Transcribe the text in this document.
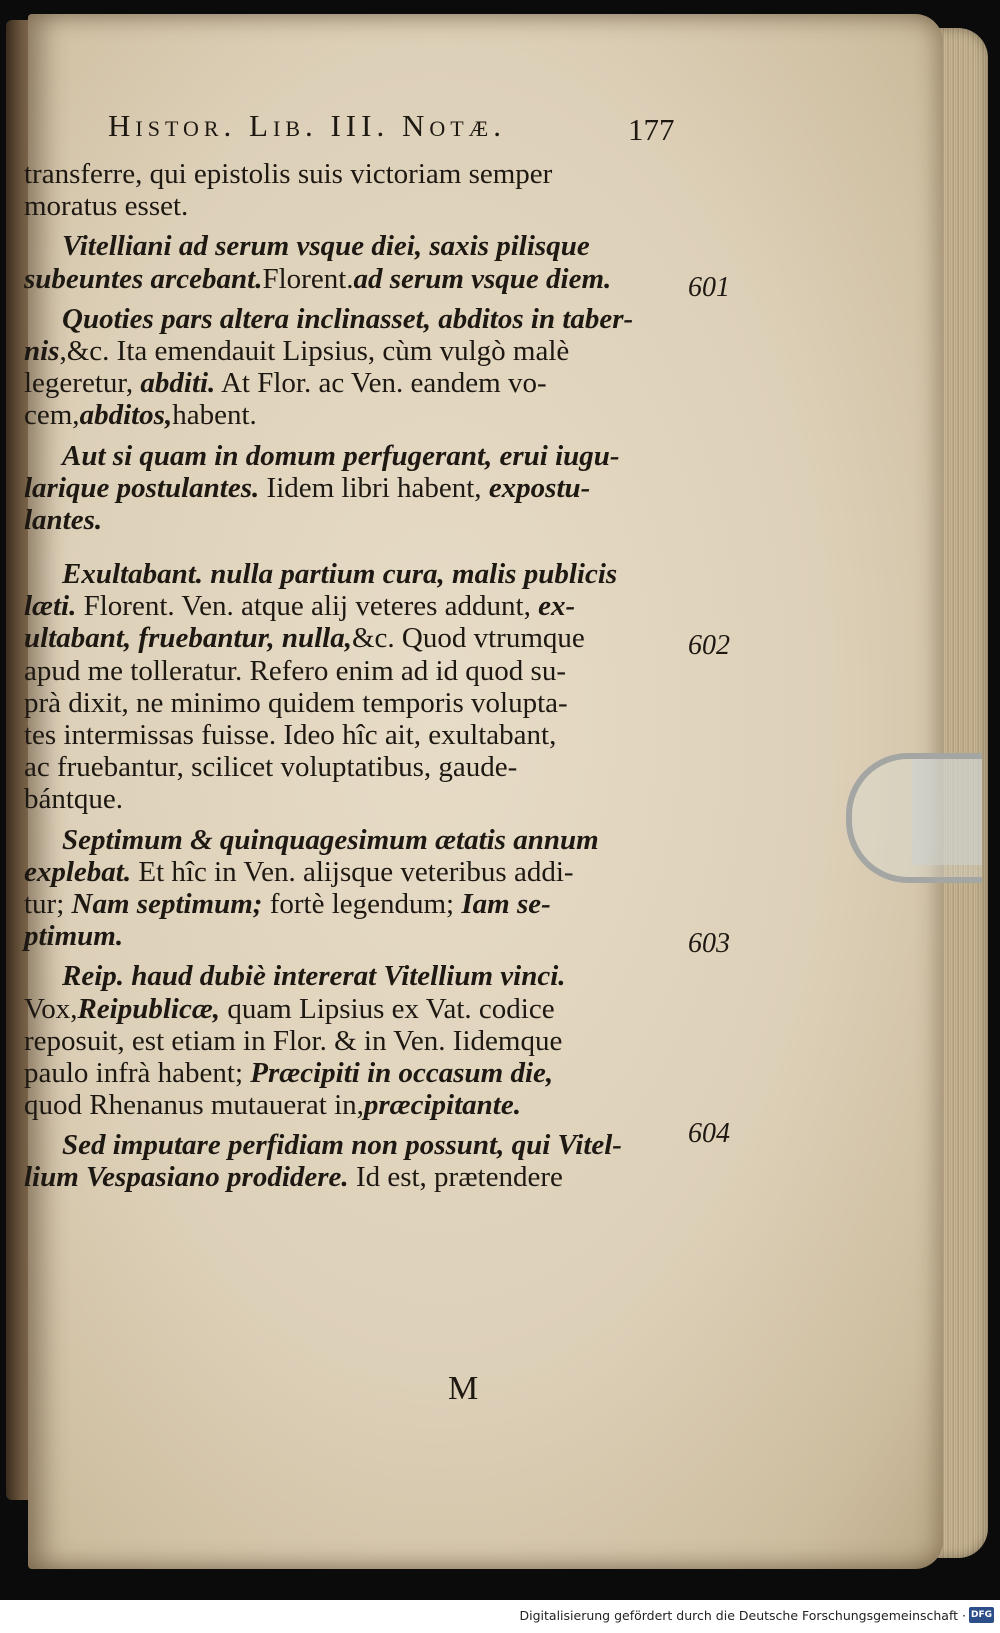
Histor. Lib. III. Notæ.	177
transferre, qui epistolis suis victoriam semper
moratus esset.
Vitelliani ad serum vsque diei, saxis pilisque
subeuntes arcebant.Florent.ad serum vsque diem.
Quoties pars altera inclinasset, abditos in taber-
nis,&c. Ita emendauit Lipsius, cùm vulgò malè
legeretur, abditi. At Flor. ac Ven. eandem vo-
cem,abditos,habent.
Aut si quam in domum perfugerant, erui iugu-
larique postulantes. Iidem libri habent, expostu-
lantes.
Exultabant. nulla partium cura, malis publicis
læti. Florent. Ven. atque alij veteres addunt, ex-
ultabant, fruebantur, nulla,&c. Quod vtrumque
apud me tolleratur. Refero enim ad id quod su-
prà dixit, ne minimo quidem temporis volupta-
tes intermissas fuisse. Ideo hîc ait, exultabant,
ac fruebantur, scilicet voluptatibus, gaude-
bántque.
Septimum & quinquagesimum ætatis annum
explebat. Et hîc in Ven. alijsque veteribus addi-
tur; Nam septimum; fortè legendum; Iam se-
ptimum.
Reip. haud dubiè intererat Vitellium vinci.
Vox,Reipublicæ, quam Lipsius ex Vat. codice
reposuit, est etiam in Flor. & in Ven. Iidemque
paulo infrà habent; Præcipiti in occasum die,
quod Rhenanus mutauerat in,præcipitante.
Sed imputare perfidiam non possunt, qui Vitel-
lium Vespasiano prodidere. Id est, prætendere
601
602
603
604
M
Digitalisierung gefördert durch die Deutsche Forschungsgemeinschaft · DFG
